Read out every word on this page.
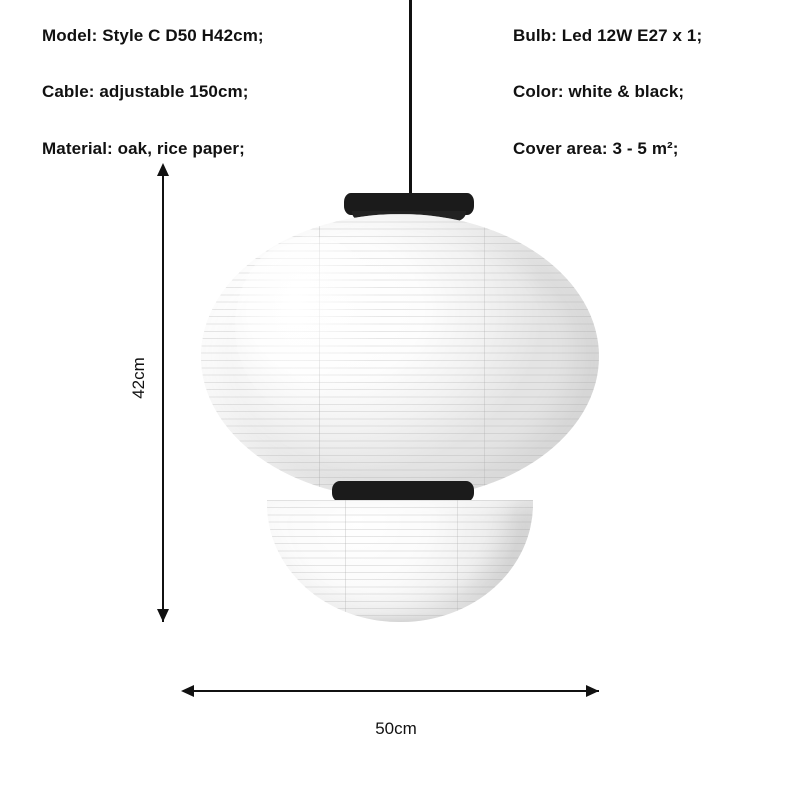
Model: Style C D50 H42cm;
Cable: adjustable 150cm;
Material: oak, rice paper;
Bulb: Led 12W E27 x 1;
Color: white & black;
Cover area: 3 - 5 m²;
42cm
50cm
